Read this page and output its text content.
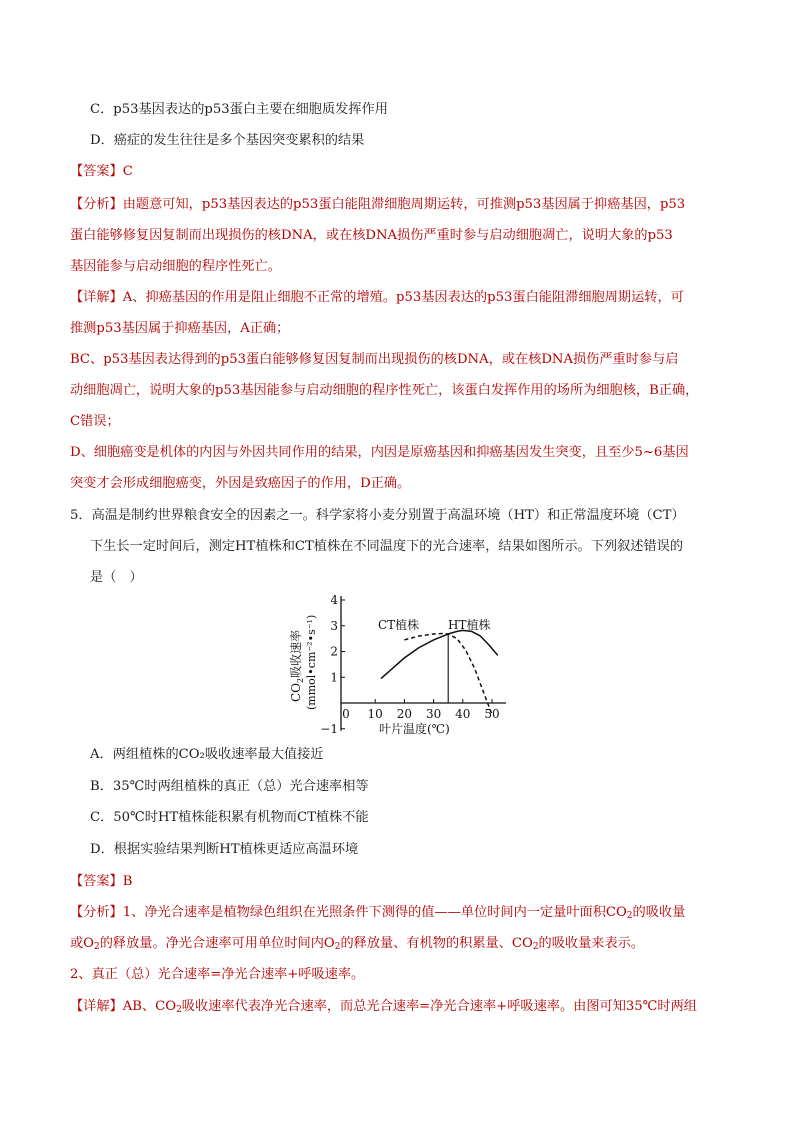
C．p53基因表达的p53蛋白主要在细胞质发挥作用
D．癌症的发生往往是多个基因突变累积的结果
【答案】C
【分析】由题意可知，p53基因表达的p53蛋白能阻滞细胞周期运转，可推测p53基因属于抑癌基因，p53
蛋白能够修复因复制而出现损伤的核DNA，或在核DNA损伤严重时参与启动细胞凋亡，说明大象的p53
基因能参与启动细胞的程序性死亡。
【详解】A、抑癌基因的作用是阻止细胞不正常的增殖。p53基因表达的p53蛋白能阻滞细胞周期运转，可
推测p53基因属于抑癌基因，A正确；
BC、p53基因表达得到的p53蛋白能够修复因复制而出现损伤的核DNA，或在核DNA损伤严重时参与启
动细胞凋亡，说明大象的p53基因能参与启动细胞的程序性死亡，该蛋白发挥作用的场所为细胞核，B正确，
C错误；
D、细胞癌变是机体的内因与外因共同作用的结果，内因是原癌基因和抑癌基因发生突变，且至少5~6基因
突变才会形成细胞癌变，外因是致癌因子的作用，D正确。
5．高温是制约世界粮食安全的因素之一。科学家将小麦分别置于高温环境（HT）和正常温度环境（CT）
下生长一定时间后，测定HT植株和CT植株在不同温度下的光合速率，结果如图所示。下列叙述错误的
是（　）
−1
1
2
3
4
0 10 20 30 40 50
$CO_2$吸收速率 (mmol•cm⁻²•s⁻¹)
叶片温度(℃)
CT植株 HT植株
A．两组植株的CO₂吸收速率最大值接近
B．35℃时两组植株的真正（总）光合速率相等
C．50℃时HT植株能积累有机物而CT植株不能
D．根据实验结果判断HT植株更适应高温环境
【答案】B
【分析】1、净光合速率是植物绿色组织在光照条件下测得的值——单位时间内一定量叶面积$CO_2$的吸收量
或$O_2$的释放量。净光合速率可用单位时间内$O_2$的释放量、有机物的积累量、$CO_2$的吸收量来表示。
2、真正（总）光合速率=净光合速率+呼吸速率。
【详解】AB、$CO_2$吸收速率代表净光合速率，而总光合速率=净光合速率+呼吸速率。由图可知35℃时两组
